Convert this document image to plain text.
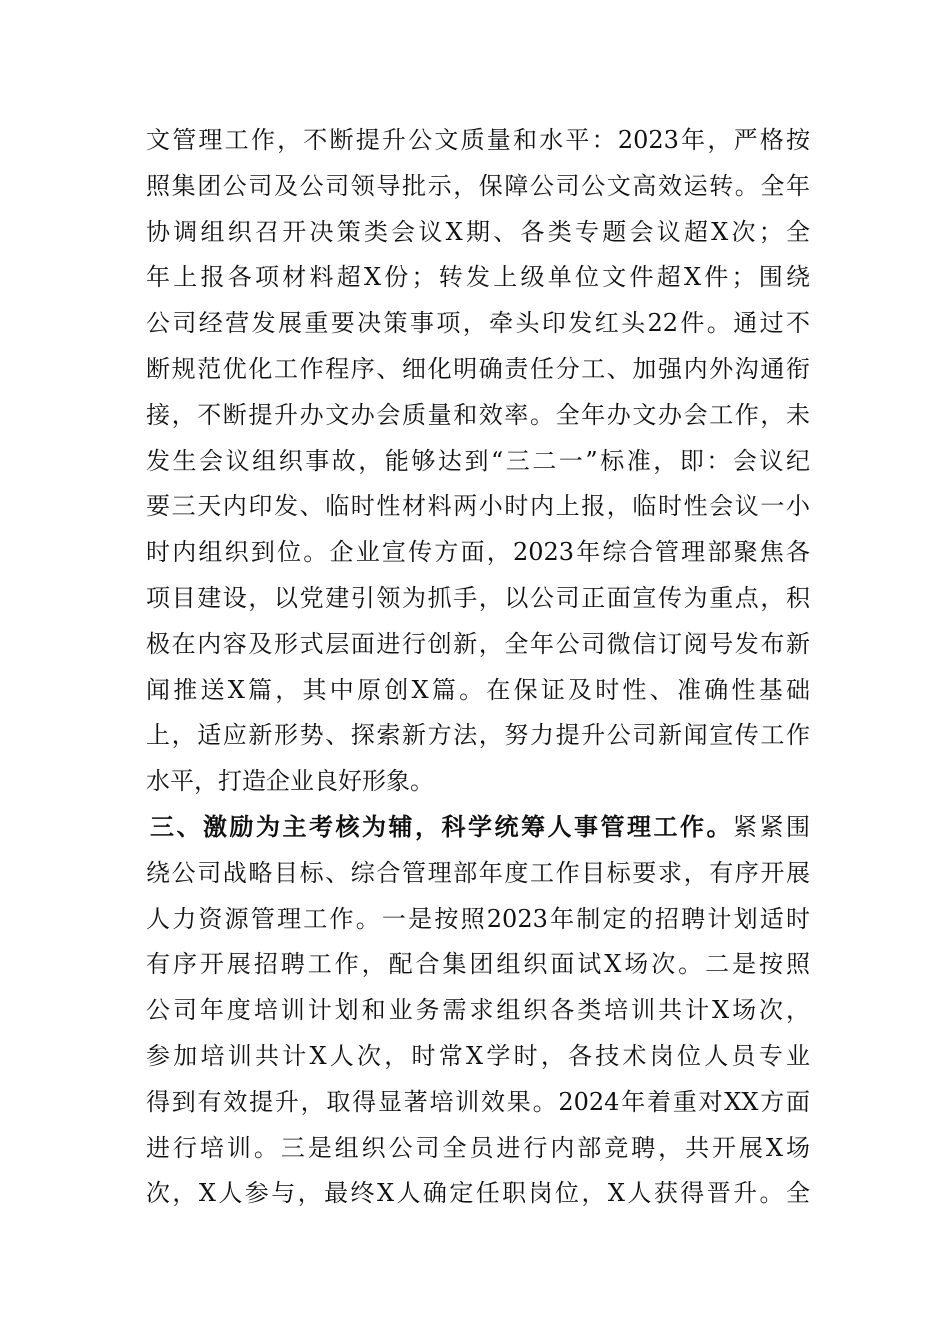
文管理工作，不断提升公文质量和水平：2023年，严格按
照集团公司及公司领导批示，保障公司公文高效运转。全年
协调组织召开决策类会议X期、各类专题会议超X次；全
年上报各项材料超X份；转发上级单位文件超X件；围绕
公司经营发展重要决策事项，牵头印发红头22件。通过不
断规范优化工作程序、细化明确责任分工、加强内外沟通衔
接，不断提升办文办会质量和效率。全年办文办会工作，未
发生会议组织事故，能够达到“三二一”标准，即：会议纪
要三天内印发、临时性材料两小时内上报，临时性会议一小
时内组织到位。企业宣传方面，2023年综合管理部聚焦各
项目建设，以党建引领为抓手，以公司正面宣传为重点，积
极在内容及形式层面进行创新，全年公司微信订阅号发布新
闻推送X篇，其中原创X篇。在保证及时性、准确性基础
上，适应新形势、探索新方法，努力提升公司新闻宣传工作
水平，打造企业良好形象。
三、激励为主考核为辅，科学统筹人事管理工作。紧紧围
绕公司战略目标、综合管理部年度工作目标要求，有序开展
人力资源管理工作。一是按照2023年制定的招聘计划适时
有序开展招聘工作，配合集团组织面试X场次。二是按照
公司年度培训计划和业务需求组织各类培训共计X场次，
参加培训共计X人次，时常X学时，各技术岗位人员专业
得到有效提升，取得显著培训效果。2024年着重对XX方面
进行培训。三是组织公司全员进行内部竞聘，共开展X场
次，X人参与，最终X人确定任职岗位，X人获得晋升。全
